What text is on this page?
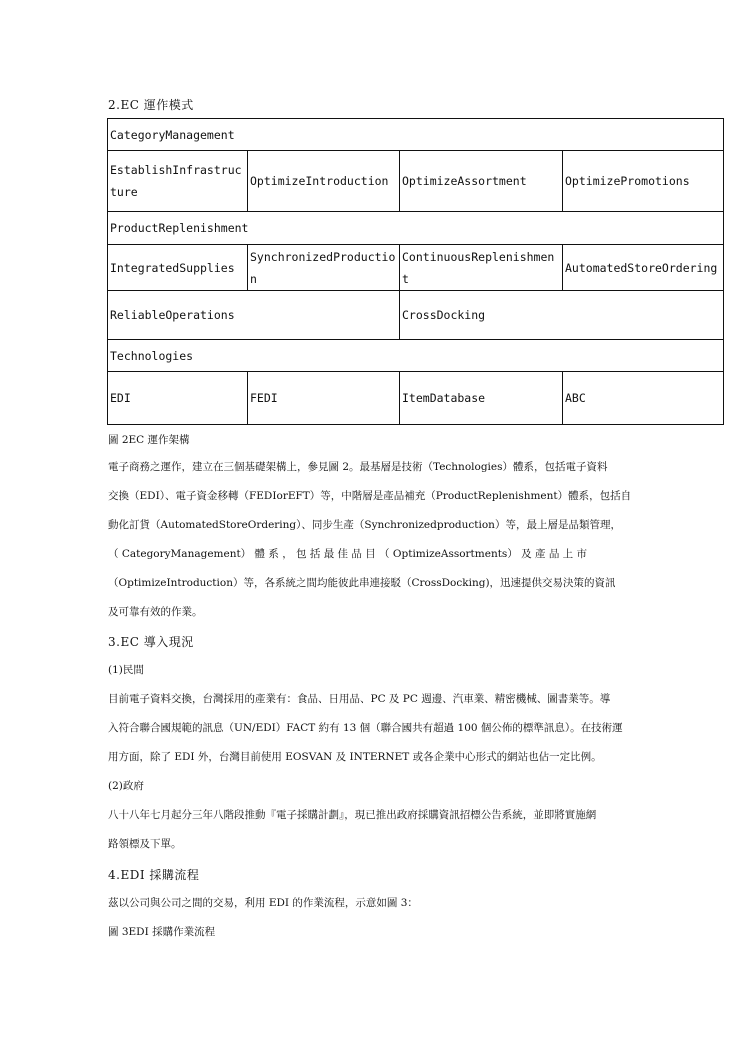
2.EC 運作模式
CategoryManagement			
EstablishInfrastructure	OptimizeIntroduction	OptimizeAssortment	OptimizePromotions
ProductReplenishment			
IntegratedSupplies	SynchronizedProduction	ContinuousReplenishment	AutomatedStoreOrdering
ReliableOperations		CrossDocking	
Technologies			
EDI	FEDI	ItemDatabase	ABC
圖 2EC 運作架構
電子商務之運作，建立在三個基礎架構上，參見圖 2。最基層是技術（Technologies）體系，包括電子資料
交換（EDI）、電子資金移轉（FEDIorEFT）等，中階層是產品補充（ProductReplenishment）體系，包括自
動化訂貨（AutomatedStoreOrdering）、同步生產（Synchronizedproduction）等，最上層是品類管理，
（ CategoryManagement） 體 系 ， 包 括 最 佳 品 目 （ OptimizeAssortments） 及 產 品 上 市
（OptimizeIntroduction）等，各系統之間均能彼此串連接駁（CrossDocking)，迅速提供交易決策的資訊
及可靠有效的作業。
3.EC 導入現況
(1)民間
目前電子資料交換，台灣採用的產業有：食品、日用品、PC 及 PC 週邊、汽車業、精密機械、圖書業等。導
入符合聯合國規範的訊息（UN/EDI）FACT 約有 13 個（聯合國共有超過 100 個公佈的標準訊息）。在技術運
用方面，除了 EDI 外，台灣目前使用 EOSVAN 及 INTERNET 或各企業中心形式的網站也佔一定比例。
(2)政府
八十八年七月起分三年八階段推動『電子採購計劃』，現已推出政府採購資訊招標公告系統，並即將實施網
路領標及下單。
4.EDI 採購流程
茲以公司與公司之間的交易，利用 EDI 的作業流程，示意如圖 3：
圖 3EDI 採購作業流程
